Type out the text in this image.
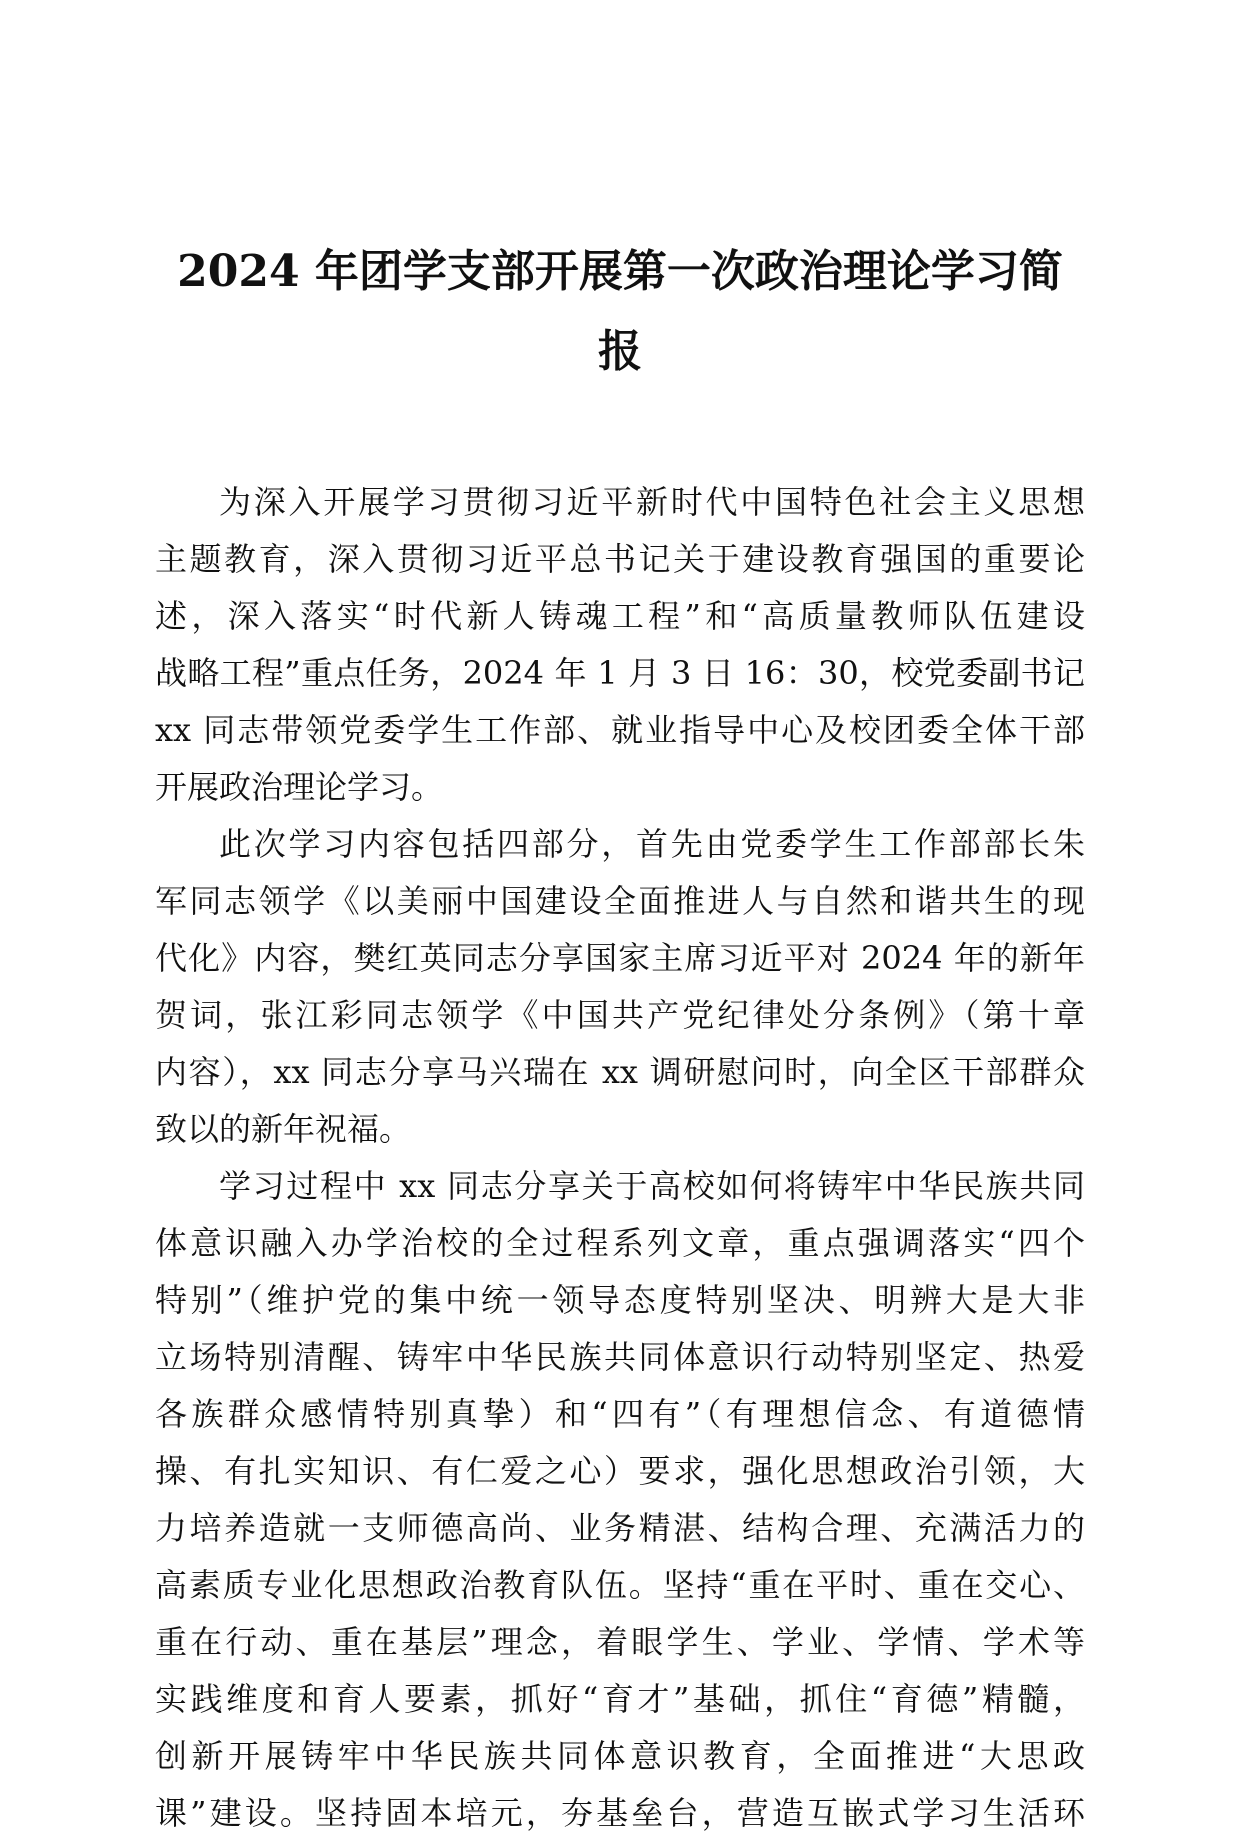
2024 年团学支部开展第一次政治理论学习简
报
为深入开展学习贯彻习近平新时代中国特色社会主义思想
主题教育，深入贯彻习近平总书记关于建设教育强国的重要论
述，深入落实“时代新人铸魂工程”和“高质量教师队伍建设
战略工程”重点任务，2024 年 1 月 3 日 16：30，校党委副书记
xx 同志带领党委学生工作部、就业指导中心及校团委全体干部
开展政治理论学习。
此次学习内容包括四部分，首先由党委学生工作部部长朱
军同志领学《以美丽中国建设全面推进人与自然和谐共生的现
代化》内容，樊红英同志分享国家主席习近平对 2024 年的新年
贺词，张江彩同志领学《中国共产党纪律处分条例》（第十章
内容），xx 同志分享马兴瑞在 xx 调研慰问时，向全区干部群众
致以的新年祝福。
学习过程中 xx 同志分享关于高校如何将铸牢中华民族共同
体意识融入办学治校的全过程系列文章，重点强调落实“四个
特别”（维护党的集中统一领导态度特别坚决、明辨大是大非
立场特别清醒、铸牢中华民族共同体意识行动特别坚定、热爱
各族群众感情特别真挚）和“四有”（有理想信念、有道德情
操、有扎实知识、有仁爱之心）要求，强化思想政治引领，大
力培养造就一支师德高尚、业务精湛、结构合理、充满活力的
高素质专业化思想政治教育队伍。坚持“重在平时、重在交心、
重在行动、重在基层”理念，着眼学生、学业、学情、学术等
实践维度和育人要素，抓好“育才”基础，抓住“育德”精髓，
创新开展铸牢中华民族共同体意识教育，全面推进“大思政
课”建设。坚持固本培元，夯基垒台，营造互嵌式学习生活环
